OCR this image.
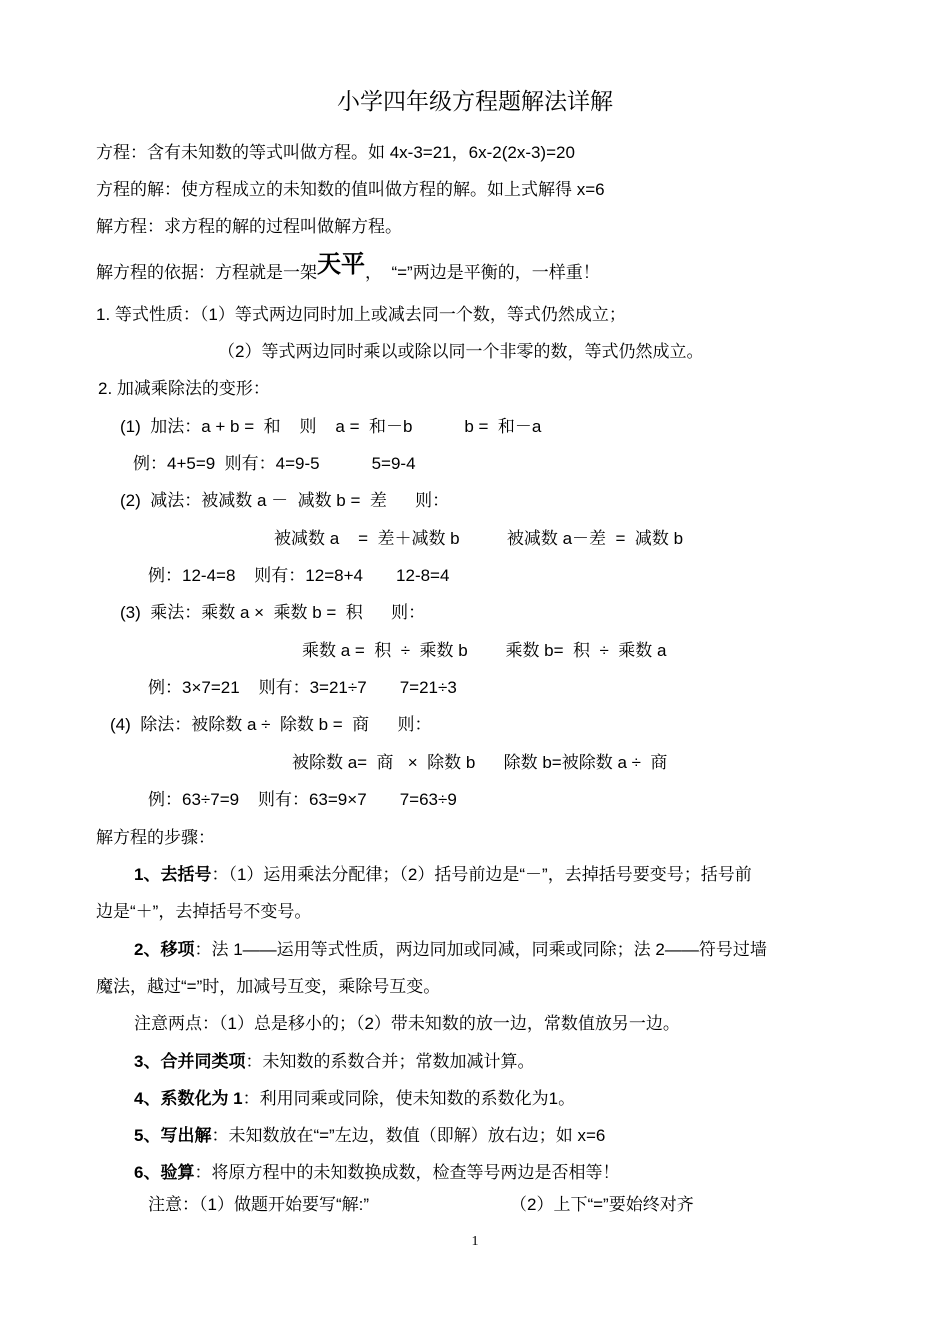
小学四年级方程题解法详解
方程：含有未知数的等式叫做方程。如 4x-3=21，6x-2(2x-3)=20
方程的解：使方程成立的未知数的值叫做方程的解。如上式解得 x=6
解方程：求方程的解的过程叫做解方程。
解方程的依据：方程就是一架天平，  “=”两边是平衡的，一样重！
1. 等式性质：（1）等式两边同时加上或减去同一个数，等式仍然成立；
（2）等式两边同时乘以或除以同一个非零的数，等式仍然成立。
2. 加减乘除法的变形：
(1)  加法：a + b =  和    则    a =  和－b           b =  和－a
例：4+5=9  则有：4=9-5           5=9-4
(2)  减法：被减数 a －  减数 b =  差      则：
被减数 a    =  差＋减数 b          被减数 a－差  =  减数 b
例：12-4=8    则有：12=8+4       12-8=4
(3)  乘法：乘数 a ×  乘数 b =  积      则：
乘数 a =  积  ÷  乘数 b        乘数 b=  积  ÷  乘数 a
例：3×7=21    则有：3=21÷7       7=21÷3
(4)  除法：被除数 a ÷  除数 b =  商      则：
被除数 a=  商   ×  除数 b      除数 b=被除数 a ÷  商
例：63÷7=9    则有：63=9×7       7=63÷9
解方程的步骤：
1、去括号：（1）运用乘法分配律；（2）括号前边是“－”，去掉括号要变号；括号前
边是“＋”，去掉括号不变号。
2、移项：法 1——运用等式性质，两边同加或同减，同乘或同除；法 2——符号过墙
魔法，越过“=”时，加减号互变，乘除号互变。
注意两点：（1）总是移小的；（2）带未知数的放一边，常数值放另一边。
3、合并同类项：未知数的系数合并；常数加减计算。
4、系数化为 1：利用同乘或同除，使未知数的系数化为1。
5、写出解：未知数放在“=”左边，数值（即解）放右边；如 x=6
6、验算：将原方程中的未知数换成数，检查等号两边是否相等！
注意：（1）做题开始要写“解:”	（2）上下“=”要始终对齐
1
